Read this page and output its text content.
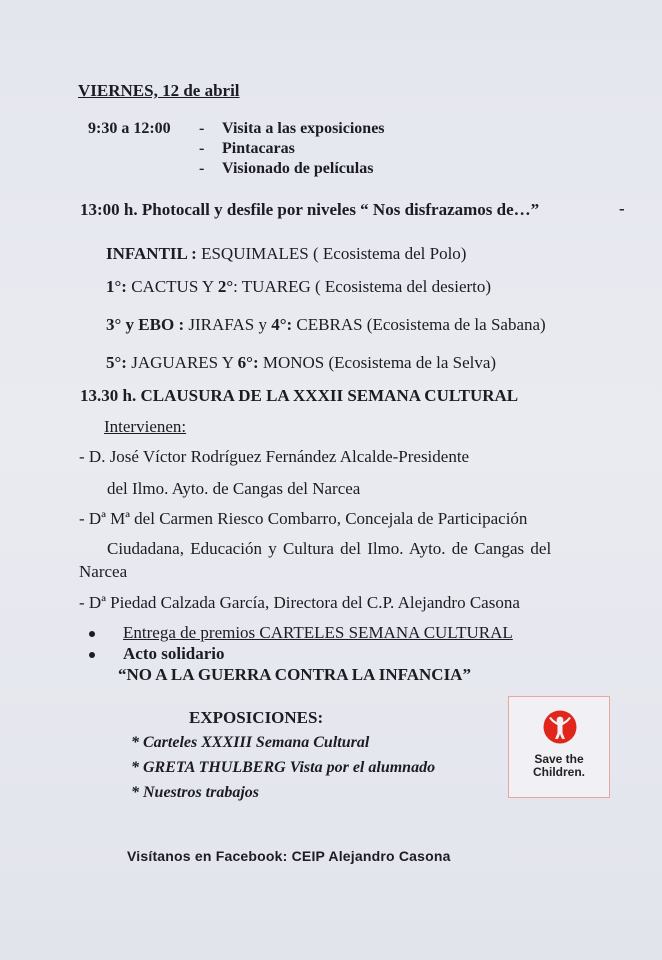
VIERNES, 12 de abril
9:30 a 12:00 - Visita a las exposiciones
- Pintacaras
- Visionado de películas
13:00 h. Photocall y desfile por niveles “ Nos disfrazamos de…”	-
INFANTIL : ESQUIMALES ( Ecosistema del Polo)
1°: CACTUS Y 2°: TUAREG ( Ecosistema del desierto)
3° y EBO : JIRAFAS y 4°: CEBRAS (Ecosistema de la Sabana)
5°: JAGUARES Y 6°: MONOS (Ecosistema de la Selva)
13.30 h. CLAUSURA DE LA XXXII SEMANA CULTURAL
Intervienen:
- D. José Víctor Rodríguez Fernández Alcalde-Presidente
del Ilmo. Ayto. de Cangas del Narcea
- Dª Mª del Carmen Riesco Combarro, Concejala de Participación
Ciudadana, Educación y Cultura del Ilmo. Ayto. de Cangas del
Narcea
- Dª Piedad Calzada García, Directora del C.P. Alejandro Casona
Entrega de premios CARTELES SEMANA CULTURAL
Acto solidario
“NO A LA GUERRA CONTRA LA INFANCIA”
EXPOSICIONES:
* Carteles XXXIII Semana Cultural
* GRETA THULBERG Vista por el alumnado
* Nuestros trabajos
Save the
Children.
Visítanos en Facebook: CEIP Alejandro Casona
